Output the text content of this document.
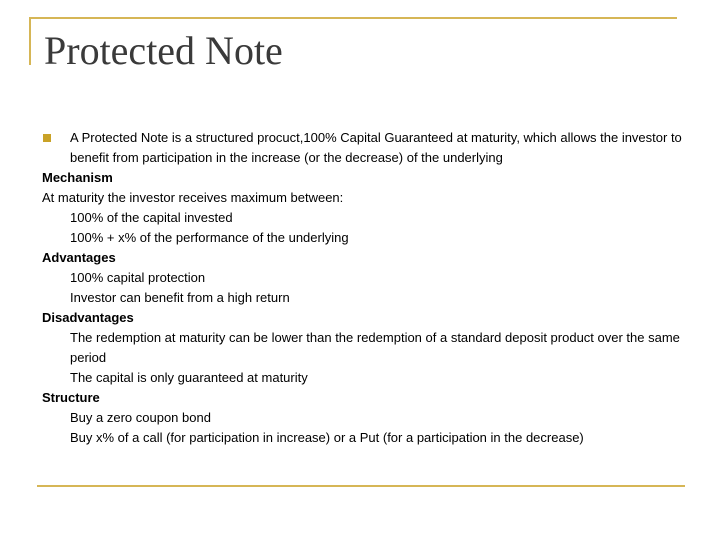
Protected Note
A Protected Note is a structured procuct,100% Capital Guaranteed at maturity, which allows the investor to benefit from participation in the increase (or the decrease) of the underlying
Mechanism
At maturity the investor receives maximum between:
100% of the capital invested
100% + x% of the performance of the underlying
Advantages
100% capital protection
Investor can benefit from a high return
Disadvantages
The redemption at maturity can be lower than the redemption of a standard deposit product over the same period
The capital is only guaranteed at maturity
Structure
Buy a zero coupon bond
Buy x% of a call (for participation in increase) or a Put (for a participation in the decrease)
